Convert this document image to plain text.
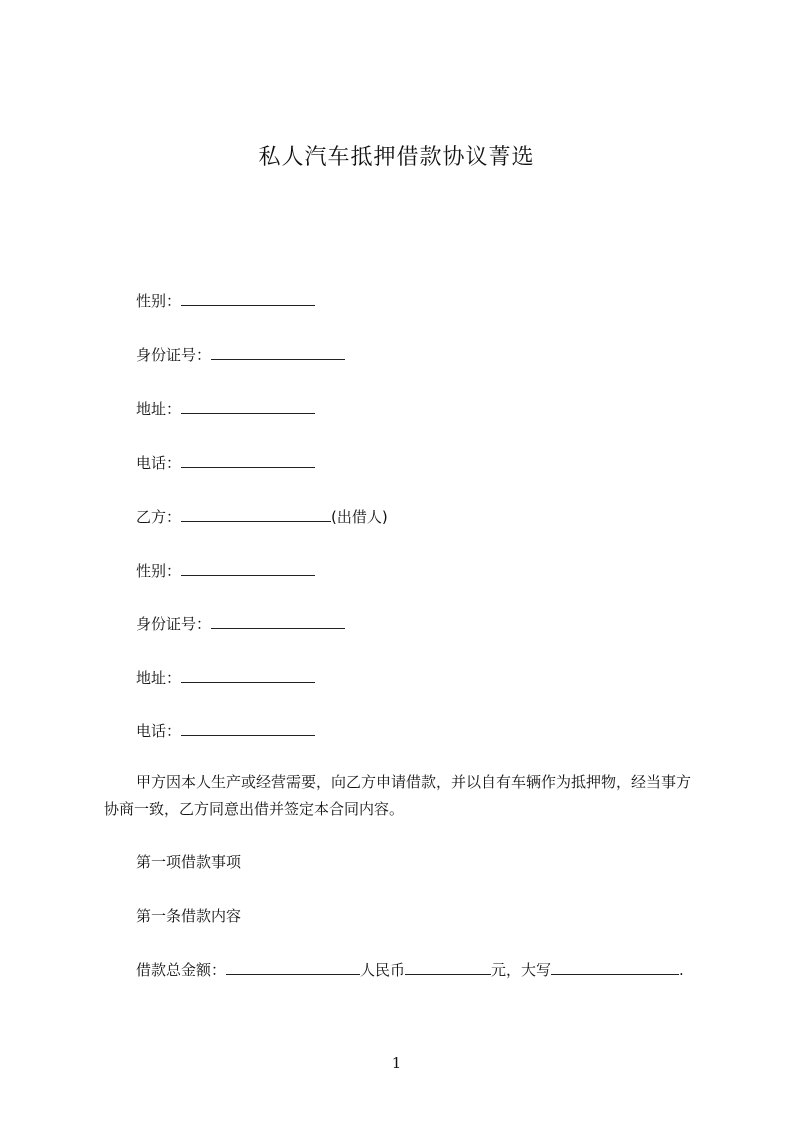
私人汽车抵押借款协议菁选
性别：
身份证号：
地址：
电话：
乙方：	(出借人)
性别：
身份证号：
地址：
电话：
甲方因本人生产或经营需要，向乙方申请借款，并以自有车辆作为抵押物，经当事方协商一致，乙方同意出借并签定本合同内容。
第一项借款事项
第一条借款内容
借款总金额：	人民币	元，大写	.
1
